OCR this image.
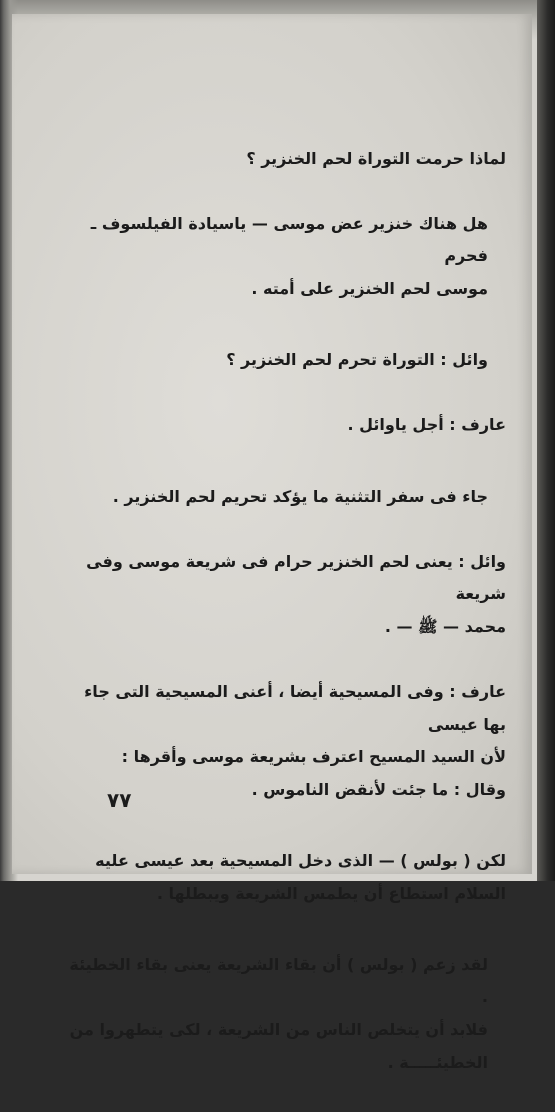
لماذا حرمت التوراة لحم الخنزير ؟

هل هناك خنزير عض موسى — ياسيادة الفيلسوف ـ فحرم
موسى لحم الخنزير على أمته .

وائل : التوراة تحرم لحم الخنزير ؟

عارف : أجل ياوائل .

جاء فى سفر التثنية ما يؤكد تحريم لحم الخنزير .

وائل : يعنى لحم الخنزير حرام فى شريعة موسى وفى شريعة
محمد — ﷺ — .

عارف : وفى المسيحية أيضا ، أعنى المسيحية التى جاء بها عيسى
لأن السيد المسيح اعترف بشريعة موسى وأقرها :
وقال : ما جئت لأنقض الناموس .

لكن ( بولس ) — الذى دخل المسيحية بعد عيسى عليه
السلام استطاع أن يطمس الشريعة ويبطلها .

لقد زعم ( بولس ) أن بقاء الشريعة يعنى بقاء الخطيئة .
فلابد أن يتخلص الناس من الشريعة ، لكى يتطهروا من
الخطيئـــــة .

٧٧
